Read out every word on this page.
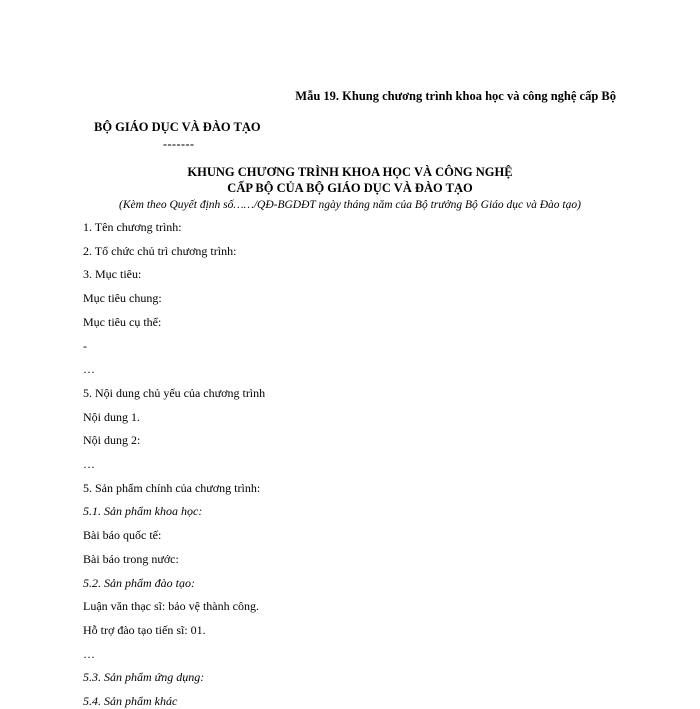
Mẫu 19. Khung chương trình khoa học và công nghệ cấp Bộ
BỘ GIÁO DỤC VÀ ĐÀO TẠO
-------
KHUNG CHƯƠNG TRÌNH KHOA HỌC VÀ CÔNG NGHỆ
CẤP BỘ CỦA BỘ GIÁO DỤC VÀ ĐÀO TẠO
(Kèm theo Quyết định số……/QĐ-BGDĐT ngày tháng năm của Bộ trưởng Bộ Giáo dục và Đào tạo)
1. Tên chương trình:
2. Tổ chức chủ trì chương trình:
3. Mục tiêu:
Mục tiêu chung:
Mục tiêu cụ thể:
-
…
5. Nội dung chủ yếu của chương trình
Nội dung 1.
Nội dung 2:
…
5. Sản phẩm chính của chương trình:
5.1. Sản phẩm khoa học:
Bài báo quốc tế:
Bài báo trong nước:
5.2. Sản phẩm đào tạo:
Luận văn thạc sĩ: bảo vệ thành công.
Hỗ trợ đào tạo tiến sĩ: 01.
…
5.3. Sản phẩm ứng dụng:
5.4. Sản phẩm khác
